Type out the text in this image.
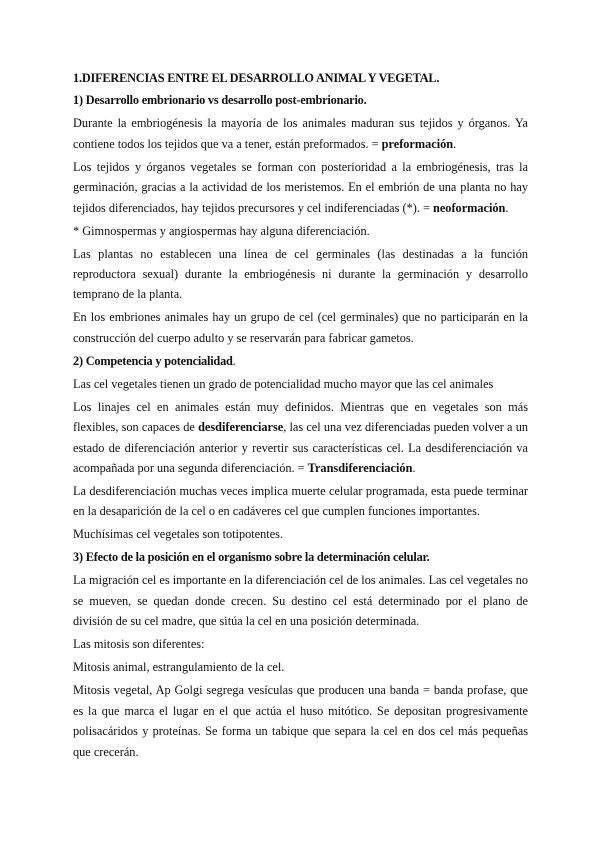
1.DIFERENCIAS ENTRE EL DESARROLLO ANIMAL Y VEGETAL.

1) Desarrollo embrionario vs desarrollo post-embrionario.

Durante la embriogénesis la mayoría de los animales maduran sus tejidos y órganos. Ya contiene todos los tejidos que va a tener, están preformados. = preformación.

Los tejidos y órganos vegetales se forman con posterioridad a la embriogénesis, tras la germinación, gracias a la actividad de los meristemos. En el embrión de una planta no hay tejidos diferenciados, hay tejidos precursores y cel indiferenciadas (*). = neoformación.

* Gimnospermas y angiospermas hay alguna diferenciación.

Las plantas no establecen una línea de cel germinales (las destinadas a la función reproductora sexual) durante la embriogénesis ni durante la germinación y desarrollo temprano de la planta.

En los embriones animales hay un grupo de cel (cel germinales) que no participarán en la construcción del cuerpo adulto y se reservarán para fabricar gametos.

2) Competencia y potencialidad.

Las cel vegetales tienen un grado de potencialidad mucho mayor que las cel animales

Los linajes cel en animales están muy definidos. Mientras que en vegetales son más flexibles, son capaces de desdiferenciarse, las cel una vez diferenciadas pueden volver a un estado de diferenciación anterior y revertir sus características cel. La desdiferenciación va acompañada por una segunda diferenciación. = Transdiferenciación.

La desdiferenciación muchas veces implica muerte celular programada, esta puede terminar en la desaparición de la cel o en cadáveres cel que cumplen funciones importantes.

Muchísimas cel vegetales son totipotentes.

3) Efecto de la posición en el organismo sobre la determinación celular.

La migración cel es importante en la diferenciación cel de los animales. Las cel vegetales no se mueven, se quedan donde crecen. Su destino cel está determinado por el plano de división de su cel madre, que sitúa la cel en una posición determinada.

Las mitosis son diferentes:

Mitosis animal, estrangulamiento de la cel.

Mitosis vegetal, Ap Golgi segrega vesículas que producen una banda = banda profase, que es la que marca el lugar en el que actúa el huso mitótico. Se depositan progresivamente polisacáridos y proteínas. Se forma un tabique que separa la cel en dos cel más pequeñas que crecerán.
